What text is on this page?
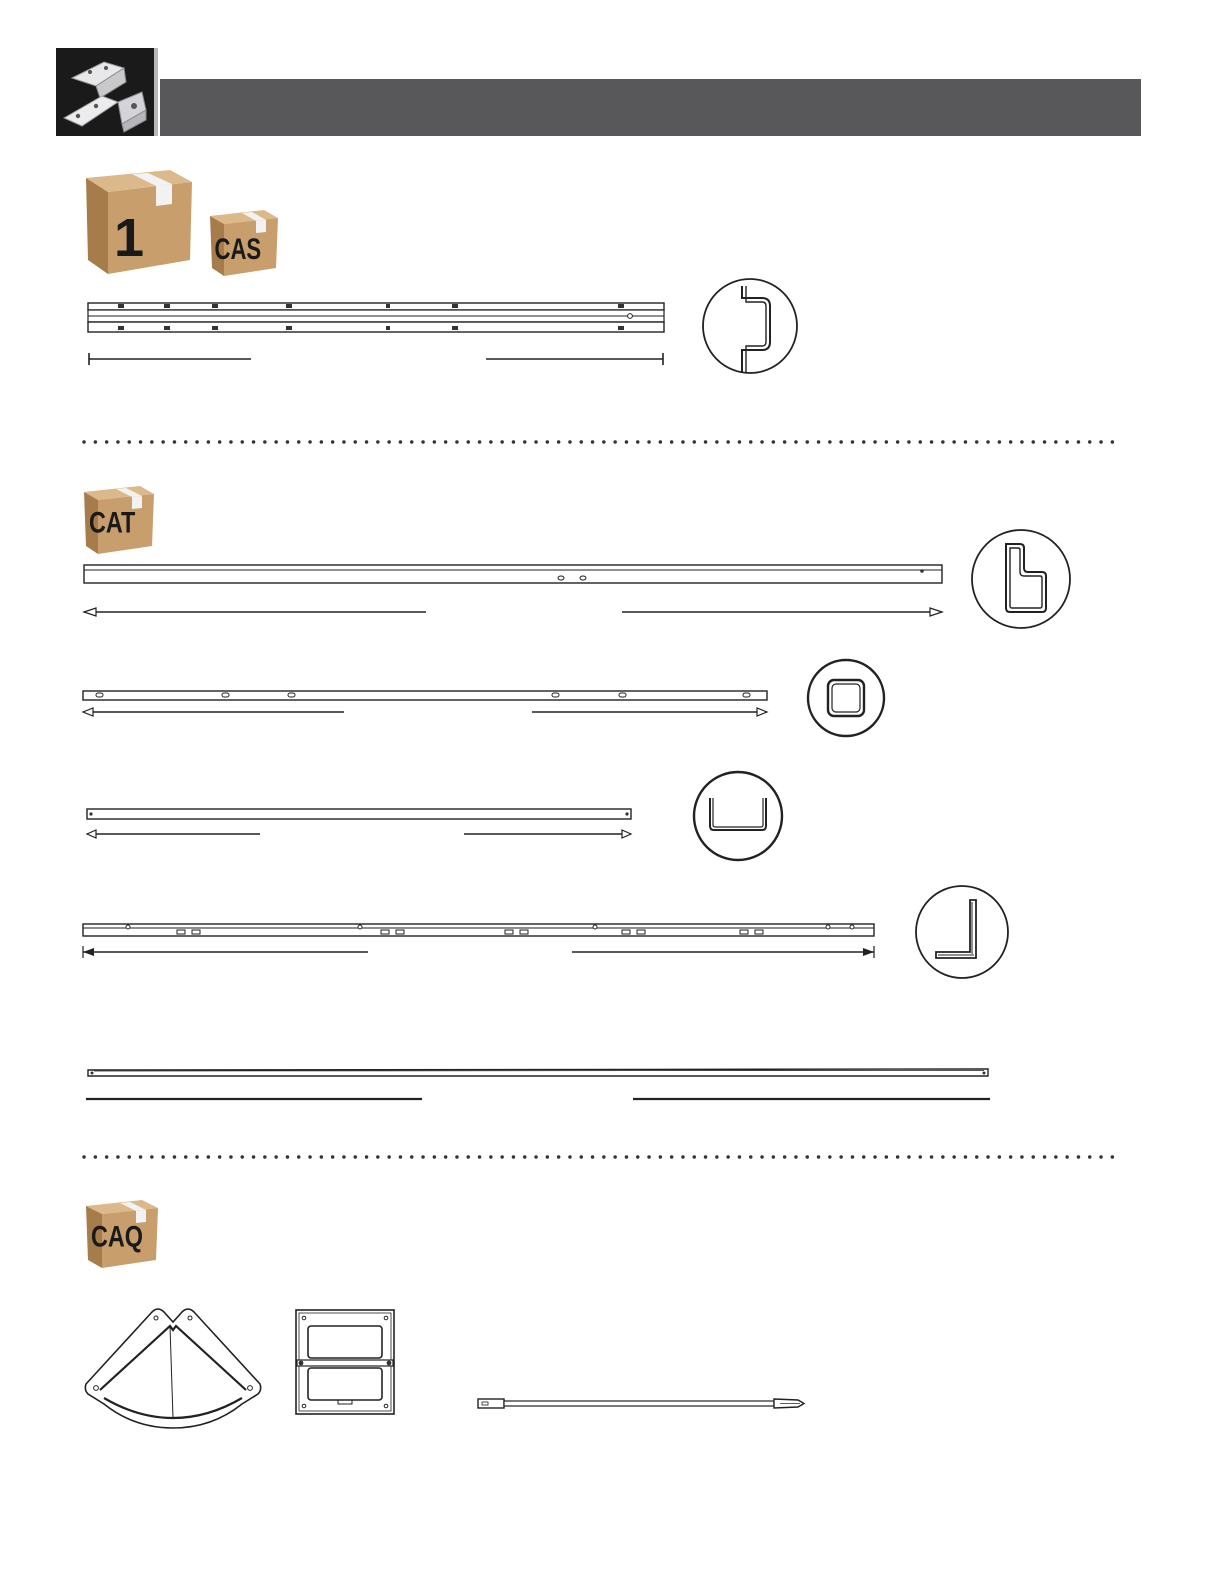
1	CAS
CAT
CAQ
